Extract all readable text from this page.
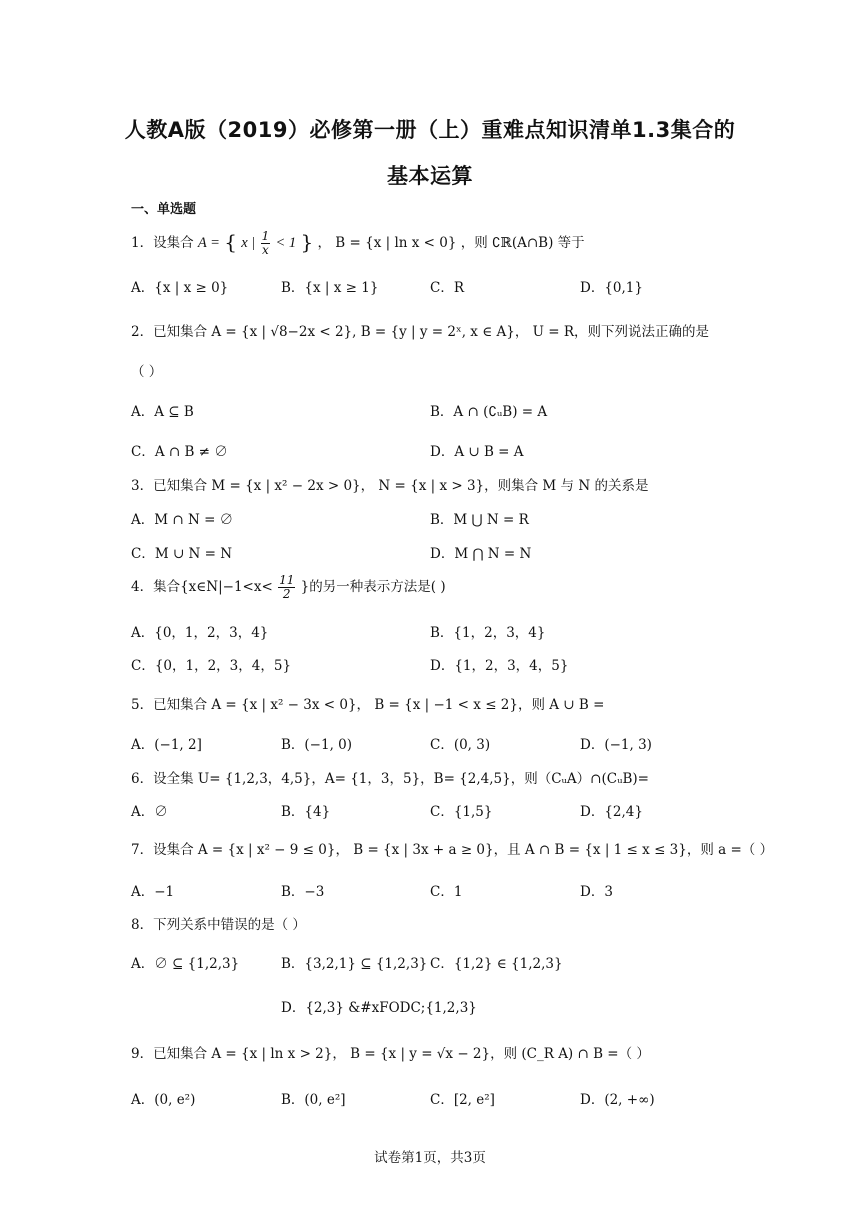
人教A版（2019）必修第一册（上）重难点知识清单1.3集合的
基本运算
一、单选题
1．设集合 A = { x | $\frac{1}{x} < 1$ } ， B = {x | ln x < 0} ，则 ∁ℝ(A∩B) 等于
A．{x | x ≥ 0}	B．{x | x ≥ 1}	C．R	D．{0,1}
2．已知集合 A = {x | √8−2x < 2}, B = {y | y = 2ˣ, x ∈ A}， U = R，则下列说法正确的是
（ ）
A．A ⊆ B	B．A ∩ (∁ᵤB) = A
C．A ∩ B ≠ ∅	D．A ∪ B = A
3．已知集合 M = {x | x² − 2x > 0}， N = {x | x > 3}，则集合 M 与 N 的关系是
A．M ∩ N = ∅	B．M ⋃ N = R
C．M ∪ N = N	D．M ⋂ N = N
4．集合{x∈N|−1<x< $\frac{11}{2}$ }的另一种表示方法是( )
A．{0，1，2，3，4}	B．{1，2，3，4}
C．{0，1，2，3，4，5}	D．{1，2，3，4，5}
5．已知集合 A = {x | x² − 3x < 0}， B = {x | −1 < x ≤ 2}，则 A ∪ B =
A．(−1, 2]	B．(−1, 0)	C．(0, 3)	D．(−1, 3)
6．设全集 U= {1,2,3，4,5}，A= {1，3，5}，B= {2,4,5}，则（CᵤA）∩(CᵤB)=
A．∅	B．{4}	C．{1,5}	D．{2,4}
7．设集合 A = {x | x² − 9 ≤ 0}， B = {x | 3x + a ≥ 0}，且 A ∩ B = {x | 1 ≤ x ≤ 3}，则 a =（ ）
A．−1	B．−3	C．1	D．3
8．下列关系中错误的是（ ）
A．∅ ⊆ {1,2,3}	B．{3,2,1} ⊆ {1,2,3} C．{1,2} ∈ {1,2,3}
D．{2,3} &#xFODC;{1,2,3}
9．已知集合 A = {x | ln x > 2}， B = {x | y = √x − 2}，则 (C_R A) ∩ B =（ ）
A．(0, e²)	B．(0, e²]	C．[2, e²]	D．(2, +∞)
试卷第1页，共3页
